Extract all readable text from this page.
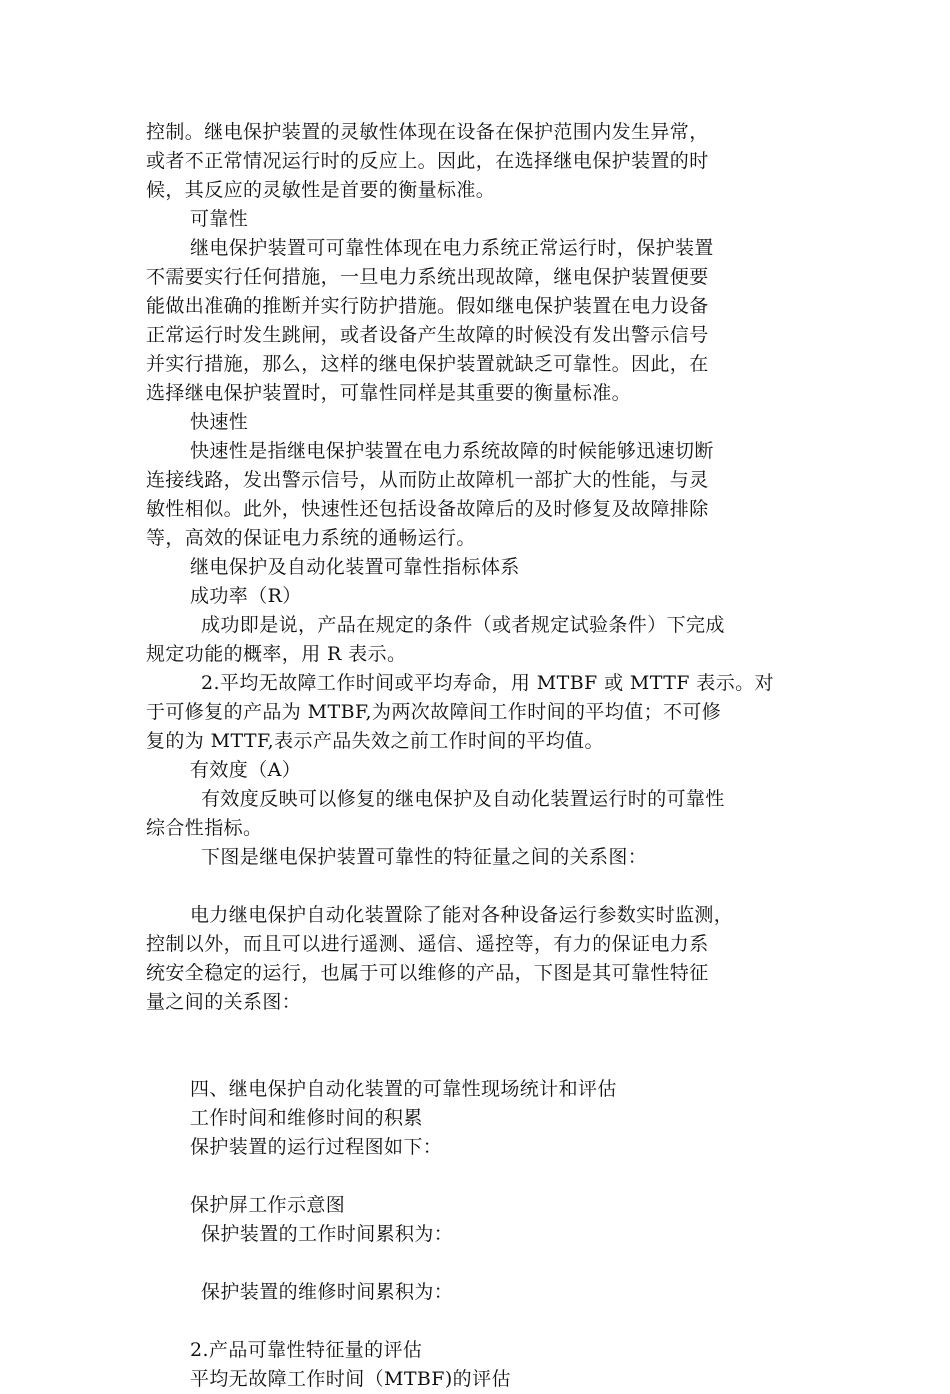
控制。继电保护装置的灵敏性体现在设备在保护范围内发生异常，
或者不正常情况运行时的反应上。因此，在选择继电保护装置的时
候，其反应的灵敏性是首要的衡量标准。
可靠性
继电保护装置可可靠性体现在电力系统正常运行时，保护装置
不需要实行任何措施，一旦电力系统出现故障，继电保护装置便要
能做出准确的推断并实行防护措施。假如继电保护装置在电力设备
正常运行时发生跳闸，或者设备产生故障的时候没有发出警示信号
并实行措施，那么，这样的继电保护装置就缺乏可靠性。因此，在
选择继电保护装置时，可靠性同样是其重要的衡量标准。
快速性
快速性是指继电保护装置在电力系统故障的时候能够迅速切断
连接线路，发出警示信号，从而防止故障机一部扩大的性能，与灵
敏性相似。此外，快速性还包括设备故障后的及时修复及故障排除
等，高效的保证电力系统的通畅运行。
继电保护及自动化装置可靠性指标体系
成功率（R）
成功即是说，产品在规定的条件（或者规定试验条件）下完成
规定功能的概率，用 R 表示。
2.平均无故障工作时间或平均寿命，用 MTBF 或 MTTF 表示。对
于可修复的产品为 MTBF,为两次故障间工作时间的平均值；不可修
复的为 MTTF,表示产品失效之前工作时间的平均值。
有效度（A）
有效度反映可以修复的继电保护及自动化装置运行时的可靠性
综合性指标。
下图是继电保护装置可靠性的特征量之间的关系图：
电力继电保护自动化装置除了能对各种设备运行参数实时监测，
控制以外，而且可以进行遥测、遥信、遥控等，有力的保证电力系
统安全稳定的运行，也属于可以维修的产品，下图是其可靠性特征
量之间的关系图：
四、继电保护自动化装置的可靠性现场统计和评估
工作时间和维修时间的积累
保护装置的运行过程图如下：
保护屏工作示意图
保护装置的工作时间累积为：
保护装置的维修时间累积为：
2.产品可靠性特征量的评估
平均无故障工作时间（MTBF)的评估
